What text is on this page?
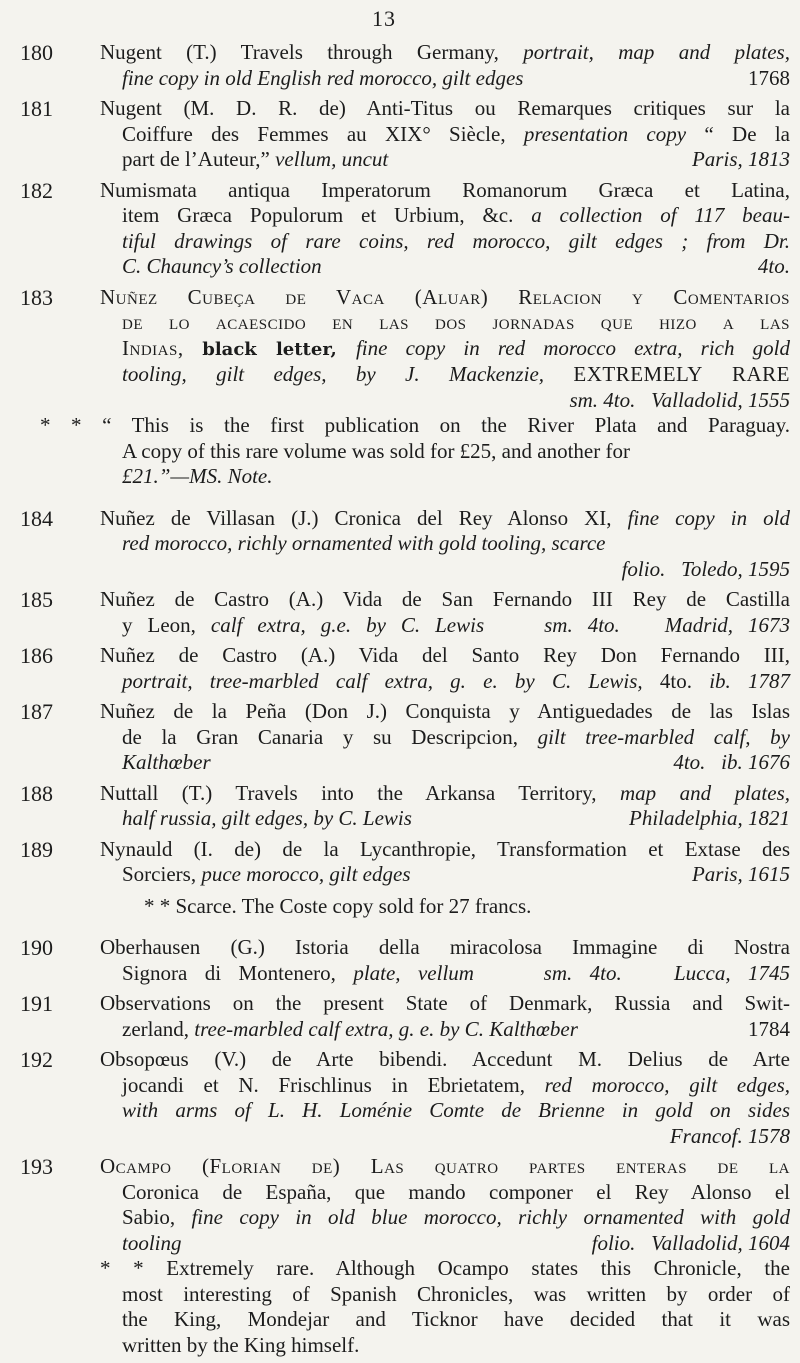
13
180	Nugent (T.) Travels through Germany, portrait, map and plates,
fine copy in old English red morocco, gilt edges	1768
181	Nugent (M. D. R. de) Anti-Titus ou Remarques critiques sur la
Coiffure des Femmes au XIX° Siècle, presentation copy “ De la
part de l’Auteur,” vellum, uncut	Paris, 1813
182	Numismata antiqua Imperatorum Romanorum Græca et Latina,
item Græca Populorum et Urbium, &c. a collection of 117 beau-
tiful drawings of rare coins, red morocco, gilt edges ; from Dr.
C. Chauncy’s collection	4to.
183	Nuñez Cubeça de Vaca (Aluar) Relacion y Comentarios
de lo acaescido en las dos jornadas que hizo a las
Indias, black letter, fine copy in red morocco extra, rich gold
tooling, gilt edges, by J. Mackenzie, EXTREMELY RARE
sm. 4to. Valladolid, 1555
* * “ This is the first publication on the River Plata and Paraguay.
A copy of this rare volume was sold for £25, and another for
£21.”—MS. Note.
184	Nuñez de Villasan (J.) Cronica del Rey Alonso XI, fine copy in old
red morocco, richly ornamented with gold tooling, scarce
folio. Toledo, 1595
185	Nuñez de Castro (A.) Vida de San Fernando III Rey de Castilla
y Leon, calf extra, g.e. by C. Lewis	sm. 4to. Madrid, 1673
186	Nuñez de Castro (A.) Vida del Santo Rey Don Fernando III,
portrait, tree-marbled calf extra, g. e. by C. Lewis, 4to. ib. 1787
187	Nuñez de la Peña (Don J.) Conquista y Antiguedades de las Islas
de la Gran Canaria y su Descripcion, gilt tree-marbled calf, by
Kalthœber	4to. ib. 1676
188	Nuttall (T.) Travels into the Arkansa Territory, map and plates,
half russia, gilt edges, by C. Lewis	Philadelphia, 1821
189	Nynauld (I. de) de la Lycanthropie, Transformation et Extase des
Sorciers, puce morocco, gilt edges	Paris, 1615
* * Scarce. The Coste copy sold for 27 francs.
190	Oberhausen (G.) Istoria della miracolosa Immagine di Nostra
Signora di Montenero, plate, vellum	sm. 4to. Lucca, 1745
191	Observations on the present State of Denmark, Russia and Swit-
zerland, tree-marbled calf extra, g. e. by C. Kalthœber	1784
192	Obsopœus (V.) de Arte bibendi. Accedunt M. Delius de Arte
jocandi et N. Frischlinus in Ebrietatem, red morocco, gilt edges,
with arms of L. H. Loménie Comte de Brienne in gold on sides
Francof. 1578
193	Ocampo (Florian de) Las quatro partes enteras de la
Coronica de España, que mando componer el Rey Alonso el
Sabio, fine copy in old blue morocco, richly ornamented with gold
tooling	folio. Valladolid, 1604
* * Extremely rare. Although Ocampo states this Chronicle, the
most interesting of Spanish Chronicles, was written by order of
the King, Mondejar and Ticknor have decided that it was
written by the King himself.
